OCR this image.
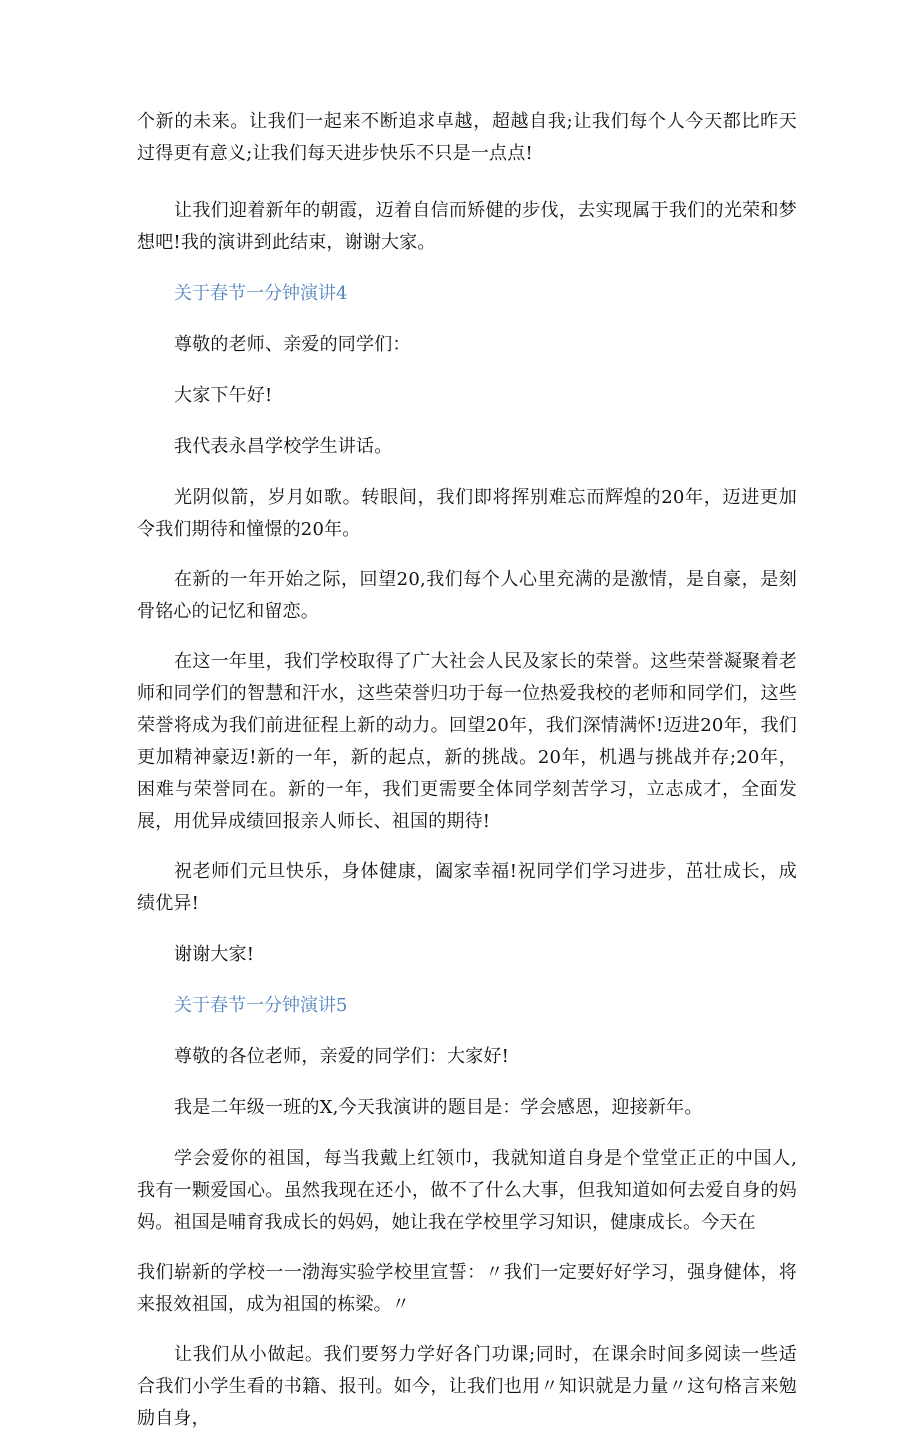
个新的未来。让我们一起来不断追求卓越，超越自我;让我们每个人今天都比昨天过得更有意义;让我们每天进步快乐不只是一点点!

让我们迎着新年的朝霞，迈着自信而矫健的步伐，去实现属于我们的光荣和梦想吧!我的演讲到此结束，谢谢大家。

关于春节一分钟演讲4

尊敬的老师、亲爱的同学们：

大家下午好!

我代表永昌学校学生讲话。

光阴似箭，岁月如歌。转眼间，我们即将挥别难忘而辉煌的20年，迈进更加令我们期待和憧憬的20年。

在新的一年开始之际，回望20,我们每个人心里充满的是激情，是自豪，是刻骨铭心的记忆和留恋。

在这一年里，我们学校取得了广大社会人民及家长的荣誉。这些荣誉凝聚着老师和同学们的智慧和汗水，这些荣誉归功于每一位热爱我校的老师和同学们，这些荣誉将成为我们前进征程上新的动力。回望20年，我们深情满怀!迈进20年，我们更加精神豪迈!新的一年，新的起点，新的挑战。20年，机遇与挑战并存;20年，困难与荣誉同在。新的一年，我们更需要全体同学刻苦学习，立志成才，全面发展，用优异成绩回报亲人师长、祖国的期待!

祝老师们元旦快乐，身体健康，阖家幸福!祝同学们学习进步，茁壮成长，成绩优异!

谢谢大家!

关于春节一分钟演讲5

尊敬的各位老师，亲爱的同学们：大家好!

我是二年级一班的X,今天我演讲的题目是：学会感恩，迎接新年。

学会爱你的祖国，每当我戴上红领巾，我就知道自身是个堂堂正正的中国人,我有一颗爱国心。虽然我现在还小，做不了什么大事，但我知道如何去爱自身的妈妈。祖国是哺育我成长的妈妈，她让我在学校里学习知识，健康成长。今天在

我们崭新的学校一一渤海实验学校里宣誓：〃我们一定要好好学习，强身健体，将来报效祖国，成为祖国的栋梁。〃

让我们从小做起。我们要努力学好各门功课;同时，在课余时间多阅读一些适合我们小学生看的书籍、报刊。如今，让我们也用〃知识就是力量〃这句格言来勉励自身，
